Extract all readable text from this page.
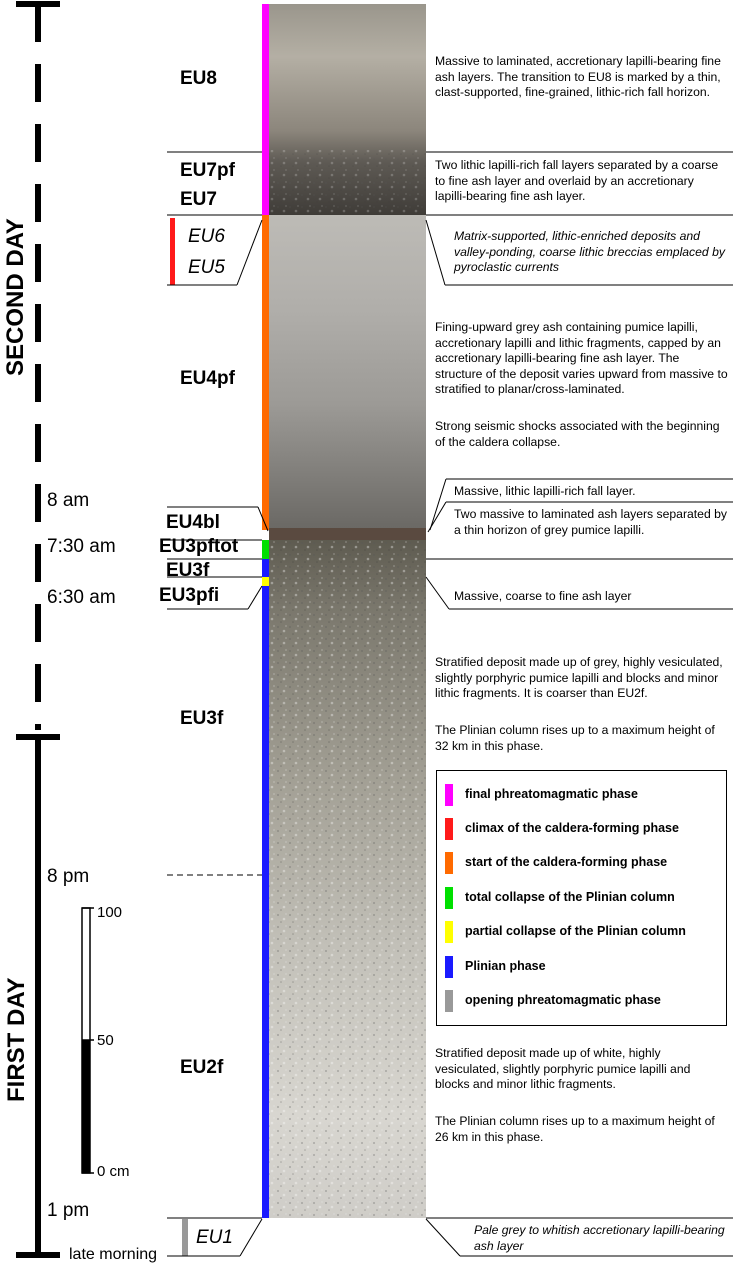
SECOND DAY
FIRST DAY
8 am
7:30 am
6:30 am
8 pm
1 pm
late morning
100
50
0 cm
EU8
EU7pf
EU7
EU6
EU5
EU4pf
EU4bl
EU3pftot
EU3f
EU3pfi
EU3f
EU2f
EU1
Massive to laminated, accretionary lapilli-bearing fine ash layers. The transition to EU8 is marked by a thin, clast-supported, fine-grained, lithic-rich fall horizon.
Two lithic lapilli-rich fall layers separated by a coarse to fine ash layer and overlaid by an accretionary lapilli-bearing fine ash layer.
Matrix-supported, lithic-enriched deposits and valley-ponding, coarse lithic breccias emplaced by pyroclastic currents
Fining-upward grey ash containing pumice lapilli, accretionary lapilli and lithic fragments, capped by an accretionary lapilli-bearing fine ash layer. The structure of the deposit varies upward from massive to stratified to planar/cross-laminated.
Strong seismic shocks associated with the beginning of the caldera collapse.
Massive, lithic lapilli-rich fall layer.
Two massive to laminated ash layers separated by a thin horizon of grey pumice lapilli.
Massive, coarse to fine ash layer
Stratified deposit made up of grey, highly vesiculated, slightly porphyric pumice lapilli and blocks and minor lithic fragments. It is coarser than EU2f.
The Plinian column rises up to a maximum height of 32 km in this phase.
Stratified deposit made up of white, highly vesiculated, slightly porphyric pumice lapilli and blocks and minor lithic fragments.
The Plinian column rises up to a maximum height of 26 km in this phase.
Pale grey to whitish accretionary lapilli-bearing ash layer
final phreatomagmatic phase
climax of the caldera-forming phase
start of the caldera-forming phase
total collapse of the Plinian column
partial collapse of the Plinian column
Plinian phase
opening phreatomagmatic phase
